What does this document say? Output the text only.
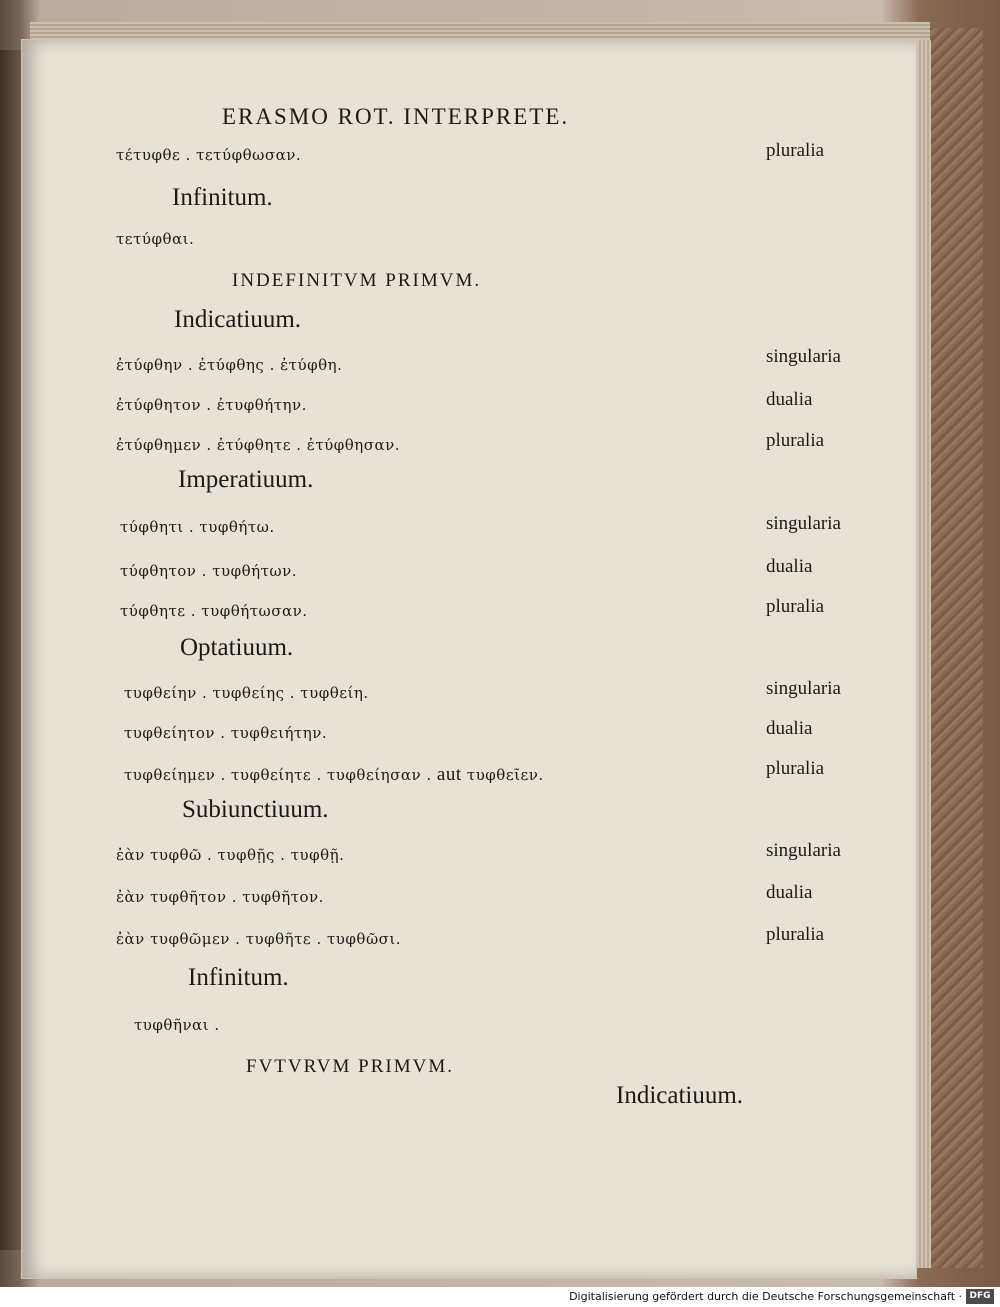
ERASMO ROT. INTERPRETE.
τέτυφθε . τετύφθωσαν.	pluralia
Infinitum.
τετύφθαι.
INDEFINITVM PRIMVM.
Indicatiuum.
ἐτύφθην . ἐτύφθης . ἐτύφθη.	singularia
ἐτύφθητον . ἐτυφθήτην.	dualia
ἐτύφθημεν . ἐτύφθητε . ἐτύφθησαν.	pluralia
Imperatiuum.
τύφθητι . τυφθήτω.	singularia
τύφθητον . τυφθήτων.	dualia
τύφθητε . τυφθήτωσαν.	pluralia
Optatiuum.
τυφθείην . τυφθείης . τυφθείη.	singularia
τυφθείητον . τυφθειήτην.	dualia
τυφθείημεν . τυφθείητε . τυφθείησαν . aut τυφθεῖεν.	pluralia
Subiunctiuum.
ἐὰν τυφθῶ . τυφθῇς . τυφθῇ.	singularia
ἐὰν τυφθῆτον . τυφθῆτον.	dualia
ἐὰν τυφθῶμεν . τυφθῆτε . τυφθῶσι.	pluralia
Infinitum.
τυφθῆναι .
FVTVRVM PRIMVM.
Indicatiuum.
Digitalisierung gefördert durch die Deutsche Forschungsgemeinschaft · DFG
